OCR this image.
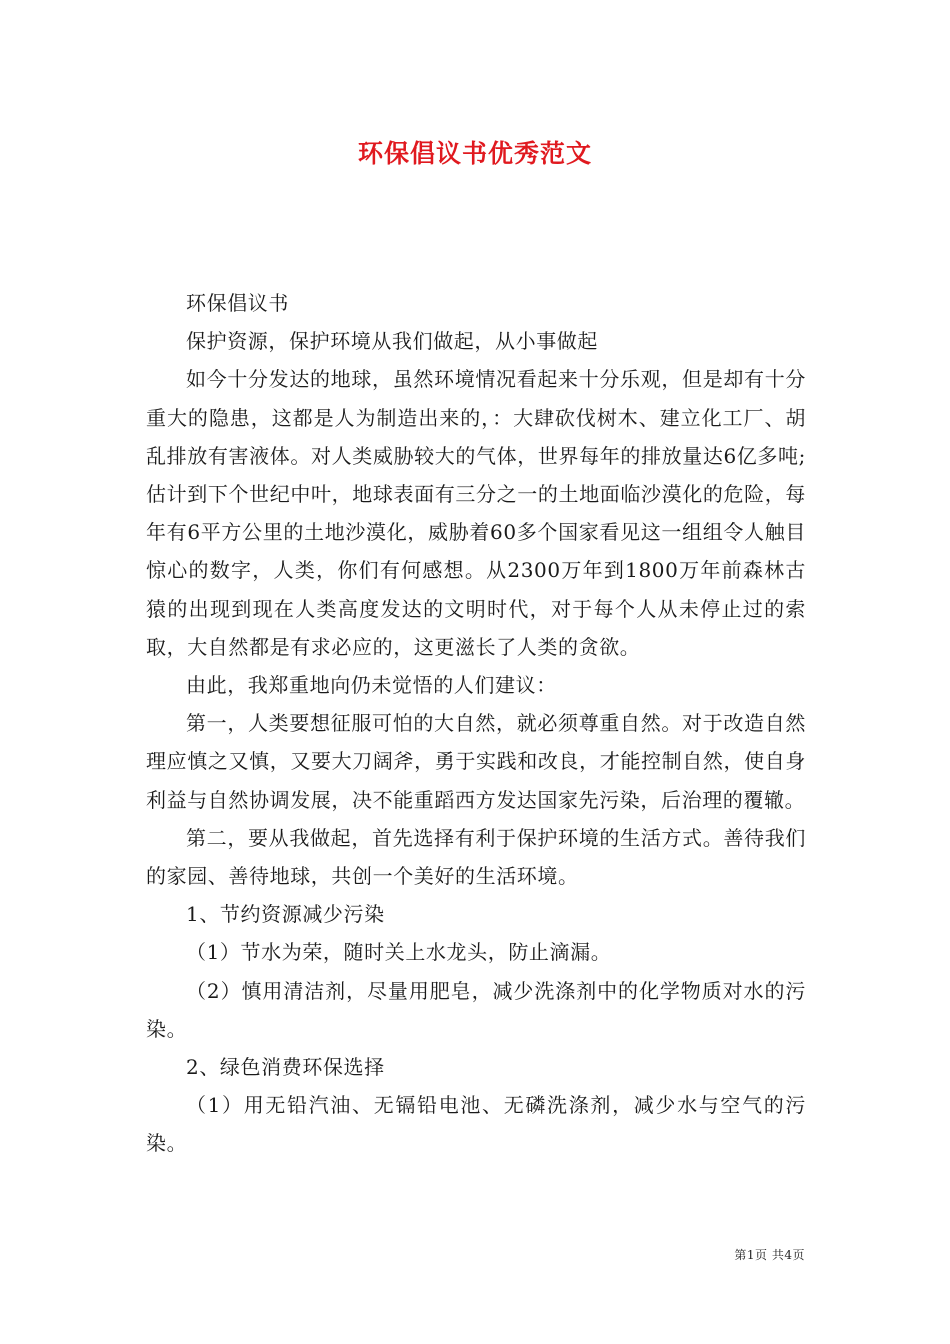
环保倡议书优秀范文

环保倡议书

保护资源，保护环境从我们做起，从小事做起

如今十分发达的地球，虽然环境情况看起来十分乐观，但是却有十分重大的隐患，这都是人为制造出来的，：大肆砍伐树木、建立化工厂、胡乱排放有害液体。对人类威胁较大的气体，世界每年的排放量达6亿多吨;估计到下个世纪中叶，地球表面有三分之一的土地面临沙漠化的危险，每年有6平方公里的土地沙漠化，威胁着60多个国家看见这一组组令人触目惊心的数字，人类，你们有何感想。从2300万年到1800万年前森林古猿的出现到现在人类高度发达的文明时代，对于每个人从未停止过的索取，大自然都是有求必应的，这更滋长了人类的贪欲。

由此，我郑重地向仍未觉悟的人们建议：

第一，人类要想征服可怕的大自然，就必须尊重自然。对于改造自然理应慎之又慎，又要大刀阔斧，勇于实践和改良，才能控制自然，使自身利益与自然协调发展，决不能重蹈西方发达国家先污染，后治理的覆辙。

第二，要从我做起，首先选择有利于保护环境的生活方式。善待我们的家园、善待地球，共创一个美好的生活环境。

1、节约资源减少污染

（1）节水为荣，随时关上水龙头，防止滴漏。

（2）慎用清洁剂，尽量用肥皂，减少洗涤剂中的化学物质对水的污染。

2、绿色消费环保选择

（1）用无铅汽油、无镉铅电池、无磷洗涤剂，减少水与空气的污染。

第1页 共4页
